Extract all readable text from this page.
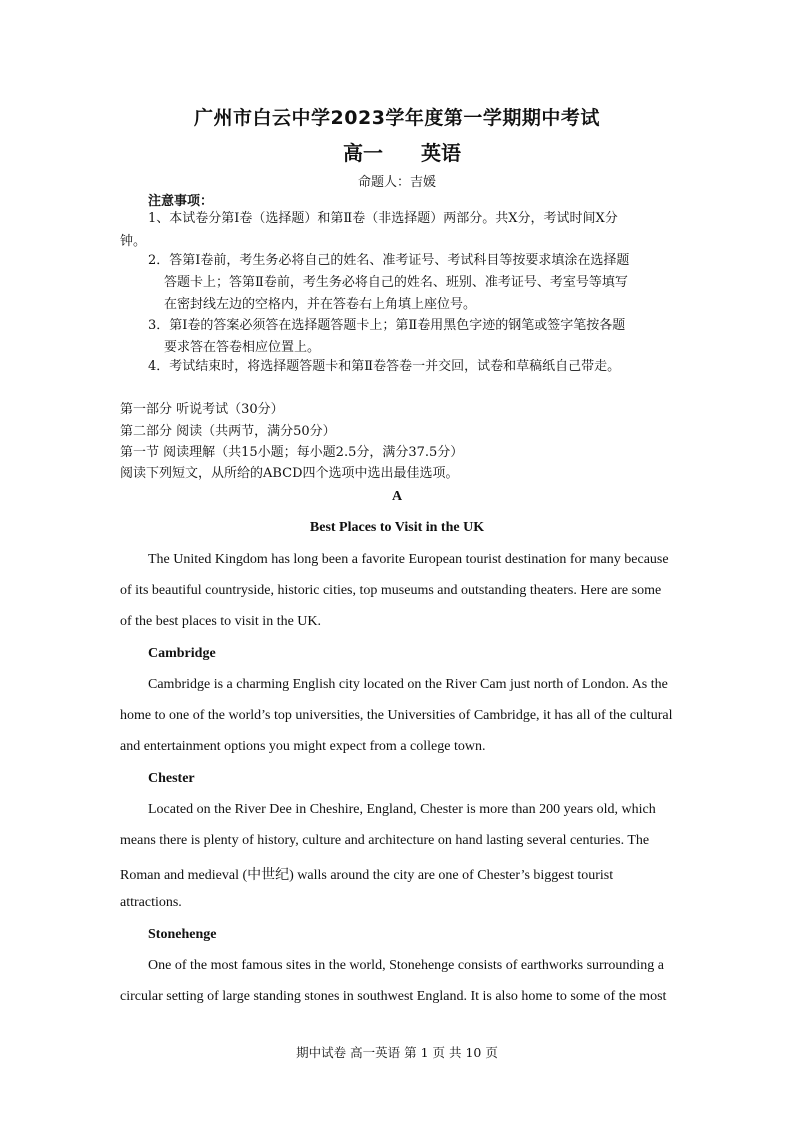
广州市白云中学2023学年度第一学期期中考试
高一 英语
命题人：吉媛
注意事项：
1、本试卷分第Ⅰ卷（选择题）和第Ⅱ卷（非选择题）两部分。共X分，考试时间X分
钟。
2．答第Ⅰ卷前，考生务必将自己的姓名、准考证号、考试科目等按要求填涂在选择题
答题卡上；答第Ⅱ卷前，考生务必将自己的姓名、班别、准考证号、考室号等填写
在密封线左边的空格内，并在答卷右上角填上座位号。
3．第Ⅰ卷的答案必须答在选择题答题卡上；第Ⅱ卷用黑色字迹的钢笔或签字笔按各题
要求答在答卷相应位置上。
4．考试结束时，将选择题答题卡和第Ⅱ卷答卷一并交回，试卷和草稿纸自己带走。
第一部分 听说考试（30分）
第二部分 阅读（共两节，满分50分）
第一节 阅读理解（共15小题；每小题2.5分，满分37.5分）
阅读下列短文，从所给的ABCD四个选项中选出最佳选项。
A
Best Places to Visit in the UK
The United Kingdom has long been a favorite European tourist destination for many because
of its beautiful countryside, historic cities, top museums and outstanding theaters. Here are some
of the best places to visit in the UK.
Cambridge
Cambridge is a charming English city located on the River Cam just north of London. As the
home to one of the world’s top universities, the Universities of Cambridge, it has all of the cultural
and entertainment options you might expect from a college town.
Chester
Located on the River Dee in Cheshire, England, Chester is more than 200 years old, which
means there is plenty of history, culture and architecture on hand lasting several centuries. The
Roman and medieval (中世纪) walls around the city are one of Chester’s biggest tourist
attractions.
Stonehenge
One of the most famous sites in the world, Stonehenge consists of earthworks surrounding a
circular setting of large standing stones in southwest England. It is also home to some of the most
期中试卷 高一英语 第 1 页 共 10 页
